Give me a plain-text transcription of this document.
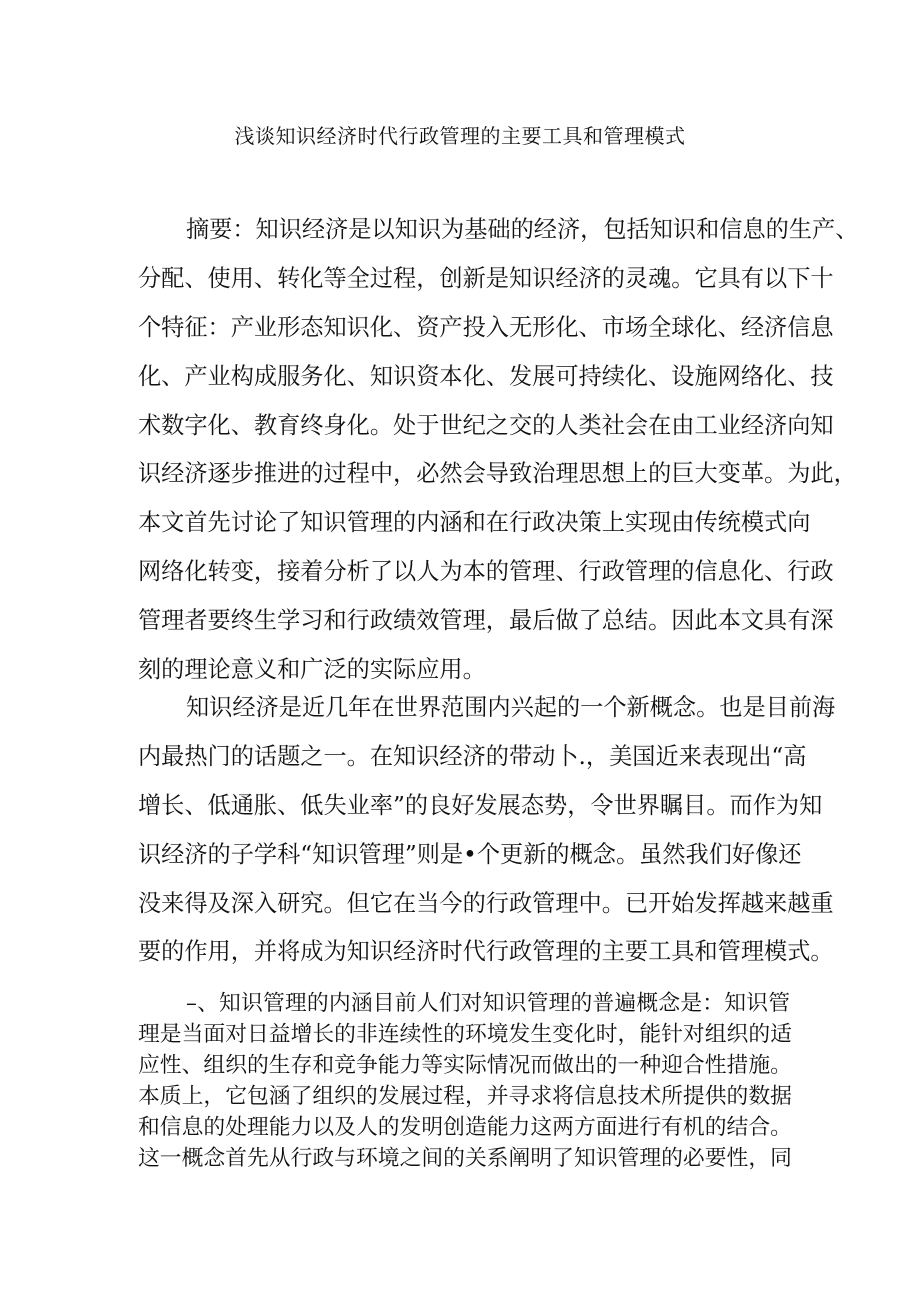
浅谈知识经济时代行政管理的主要工具和管理模式
摘要：知识经济是以知识为基础的经济，包括知识和信息的生产、
分配、使用、转化等全过程，创新是知识经济的灵魂。它具有以下十
个特征：产业形态知识化、资产投入无形化、市场全球化、经济信息
化、产业构成服务化、知识资本化、发展可持续化、设施网络化、技
术数字化、教育终身化。处于世纪之交的人类社会在由工业经济向知
识经济逐步推进的过程中，必然会导致治理思想上的巨大变革。为此，
本文首先讨论了知识管理的内涵和在行政决策上实现由传统模式向
网络化转变，接着分析了以人为本的管理、行政管理的信息化、行政
管理者要终生学习和行政绩效管理，最后做了总结。因此本文具有深
刻的理论意义和广泛的实际应用。
知识经济是近几年在世界范围内兴起的一个新概念。也是目前海
内最热门的话题之一。在知识经济的带动卜.，美国近来表现出“高
增长、低通胀、低失业率”的良好发展态势，令世界瞩目。而作为知
识经济的子学科“知识管理”则是•个更新的概念。虽然我们好像还
没来得及深入研究。但它在当今的行政管理中。已开始发挥越来越重
要的作用，并将成为知识经济时代行政管理的主要工具和管理模式。
–、知识管理的内涵目前人们对知识管理的普遍概念是：知识管
理是当面对日益增长的非连续性的环境发生变化时，能针对组织的适
应性、组织的生存和竞争能力等实际情况而做出的一种迎合性措施。
本质上，它包涵了组织的发展过程，并寻求将信息技术所提供的数据
和信息的处理能力以及人的发明创造能力这两方面进行有机的结合。
这一概念首先从行政与环境之间的关系阐明了知识管理的必要性，同
